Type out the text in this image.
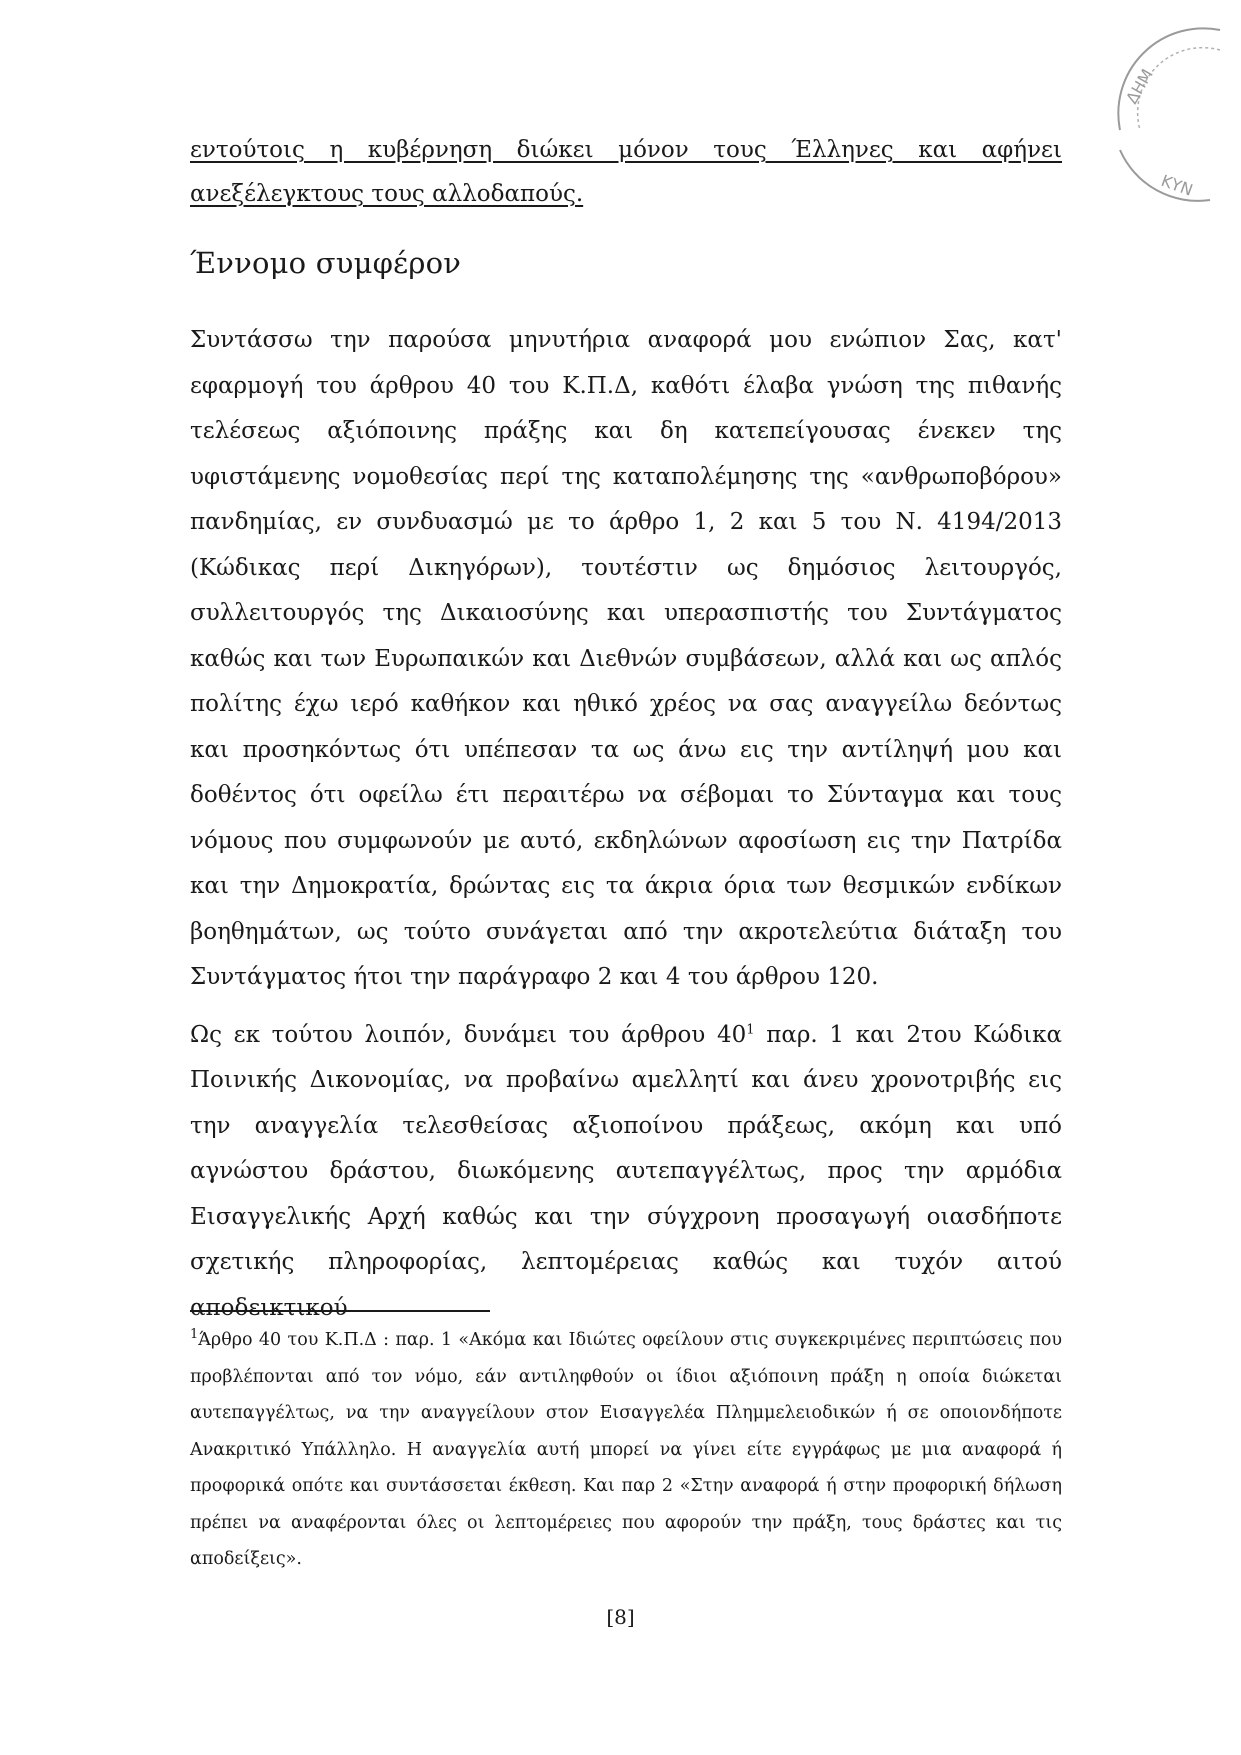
ΔΗΜ
ΚΥΝ

εντούτοις η κυβέρνηση διώκει μόνον τους Έλληνες και αφήνει ανεξέλεγκτους τους αλλοδαπούς.

Έννομο συμφέρον

Συντάσσω την παρούσα μηνυτήρια αναφορά μου ενώπιον Σας, κατ' εφαρμογή του άρθρου 40 του Κ.Π.Δ, καθότι έλαβα γνώση της πιθανής τελέσεως αξιόποινης πράξης και δη κατεπείγουσας ένεκεν της υφιστάμενης νομοθεσίας περί της καταπολέμησης της «ανθρωποβόρου» πανδημίας, εν συνδυασμώ με το άρθρο 1, 2 και 5 του Ν. 4194/2013 (Κώδικας περί Δικηγόρων), τουτέστιν ως δημόσιος λειτουργός, συλλειτουργός της Δικαιοσύνης και υπερασπιστής του Συντάγματος καθώς και των Ευρωπαικών και Διεθνών συμβάσεων, αλλά και ως απλός πολίτης έχω ιερό καθήκον και ηθικό χρέος να σας αναγγείλω δεόντως και προσηκόντως ότι υπέπεσαν τα ως άνω εις την αντίληψή μου και δοθέντος ότι οφείλω έτι περαιτέρω να σέβομαι το Σύνταγμα και τους νόμους που συμφωνούν με αυτό, εκδηλώνων αφοσίωση εις την Πατρίδα και την Δημοκρατία, δρώντας εις τα άκρια όρια των θεσμικών ενδίκων βοηθημάτων, ως τούτο συνάγεται από την ακροτελεύτια διάταξη του Συντάγματος ήτοι την παράγραφο 2 και 4 του άρθρου 120.

Ως εκ τούτου λοιπόν, δυνάμει του άρθρου $40^1$ παρ. 1 και 2του Κώδικα Ποινικής Δικονομίας, να προβαίνω αμελλητί και άνευ χρονοτριβής εις την αναγγελία τελεσθείσας αξιοποίνου πράξεως, ακόμη και υπό αγνώστου δράστου, διωκόμενης αυτεπαγγέλτως, προς την αρμόδια Εισαγγελικής Αρχή καθώς και την σύγχρονη προσαγωγή οιασδήποτε σχετικής πληροφορίας, λεπτομέρειας καθώς και τυχόν αιτού αποδεικτικού

$^1$Άρθρο 40 του Κ.Π.Δ : παρ. 1 «Ακόμα και Ιδιώτες οφείλουν στις συγκεκριμένες περιπτώσεις που προβλέπονται από τον νόμο, εάν αντιληφθούν οι ίδιοι αξιόποινη πράξη η οποία διώκεται αυτεπαγγέλτως, να την αναγγείλουν στον Εισαγγελέα Πλημμελειοδικών ή σε οποιονδήποτε Ανακριτικό Υπάλληλο. Η αναγγελία αυτή μπορεί να γίνει είτε εγγράφως με μια αναφορά ή προφορικά οπότε και συντάσσεται έκθεση. Και παρ 2 «Στην αναφορά ή στην προφορική δήλωση πρέπει να αναφέρονται όλες οι λεπτομέρειες που αφορούν την πράξη, τους δράστες και τις αποδείξεις».

[8]
